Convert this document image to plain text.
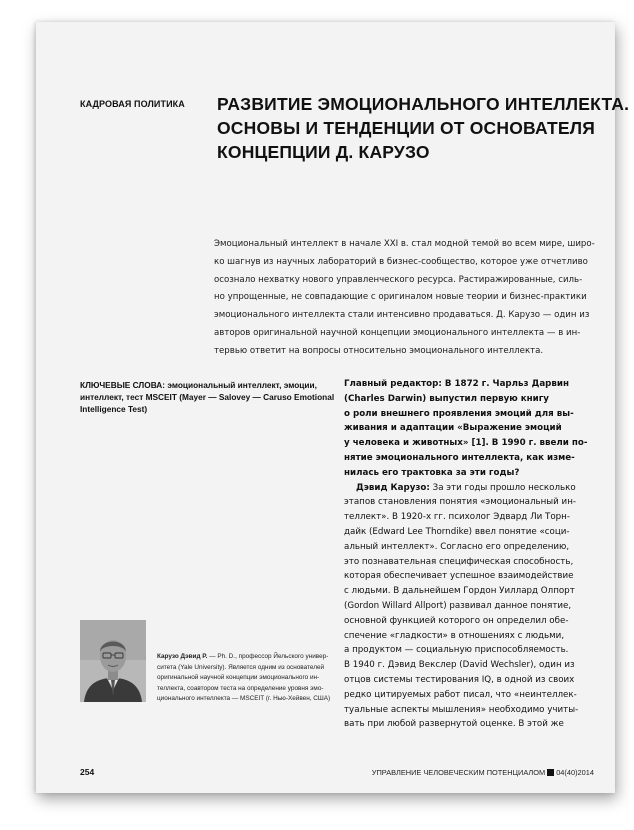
КАДРОВАЯ ПОЛИТИКА РАЗВИТИЕ ЭМОЦИОНАЛЬНОГО ИНТЕЛЛЕКТА.
ОСНОВЫ И ТЕНДЕНЦИИ ОТ ОСНОВАТЕЛЯ
КОНЦЕПЦИИ Д. КАРУЗО
Эмоциональный интеллект в начале XXI в. стал модной темой во всем мире, широ-
ко шагнув из научных лабораторий в бизнес-сообщество, которое уже отчетливо
осознало нехватку нового управленческого ресурса. Растиражированные, силь-
но упрощенные, не совпадающие с оригиналом новые теории и бизнес-практики
эмоционального интеллекта стали интенсивно продаваться. Д. Карузо — один из
авторов оригинальной научной концепции эмоционального интеллекта — в ин-
тервью ответит на вопросы относительно эмоционального интеллекта.
КЛЮЧЕВЫЕ СЛОВА: эмоциональный интеллект, эмоции,
интеллект, тест MSCEIT (Mayer — Salovey — Caruso Emotional
Intelligence Test)
Главный редактор: В 1872 г. Чарльз Дарвин
(Charles Darwin) выпустил первую книгу
о роли внешнего проявления эмоций для вы-
живания и адаптации «Выражение эмоций
у человека и животных» [1]. В 1990 г. ввели по-
нятие эмоционального интеллекта, как изме-
нилась его трактовка за эти годы?
Дэвид Карузо: За эти годы прошло несколько
этапов становления понятия «эмоциональный ин-
теллект». В 1920-х гг. психолог Эдвард Ли Торн-
дайк (Edward Lee Thorndike) ввел понятие «соци-
альный интеллект». Согласно его определению,
это познавательная специфическая способность,
которая обеспечивает успешное взаимодействие
с людьми. В дальнейшем Гордон Уиллард Олпорт
(Gordon Willard Allport) развивал данное понятие,
основной функцией которого он определил обе-
спечение «гладкости» в отношениях с людьми,
а продуктом — социальную приспособляемость.
В 1940 г. Дэвид Векслер (David Wechsler), один из
отцов системы тестирования IQ, в одной из своих
редко цитируемых работ писал, что «неинтеллек-
туальные аспекты мышления» необходимо учиты-
вать при любой развернутой оценке. В этой же
Карузо Дэвид Р. — Ph. D., профессор Йельского универ-
ситета (Yale University). Является одним из основателей
оригинальной научной концепции эмоционального ин-
теллекта, соавтором теста на определение уровня эмо-
ционального интеллекта — MSCEIT (г. Нью-Хейвен, США)
254	УПРАВЛЕНИЕ ЧЕЛОВЕЧЕСКИМ ПОТЕНЦИАЛОМ 04(40)2014
